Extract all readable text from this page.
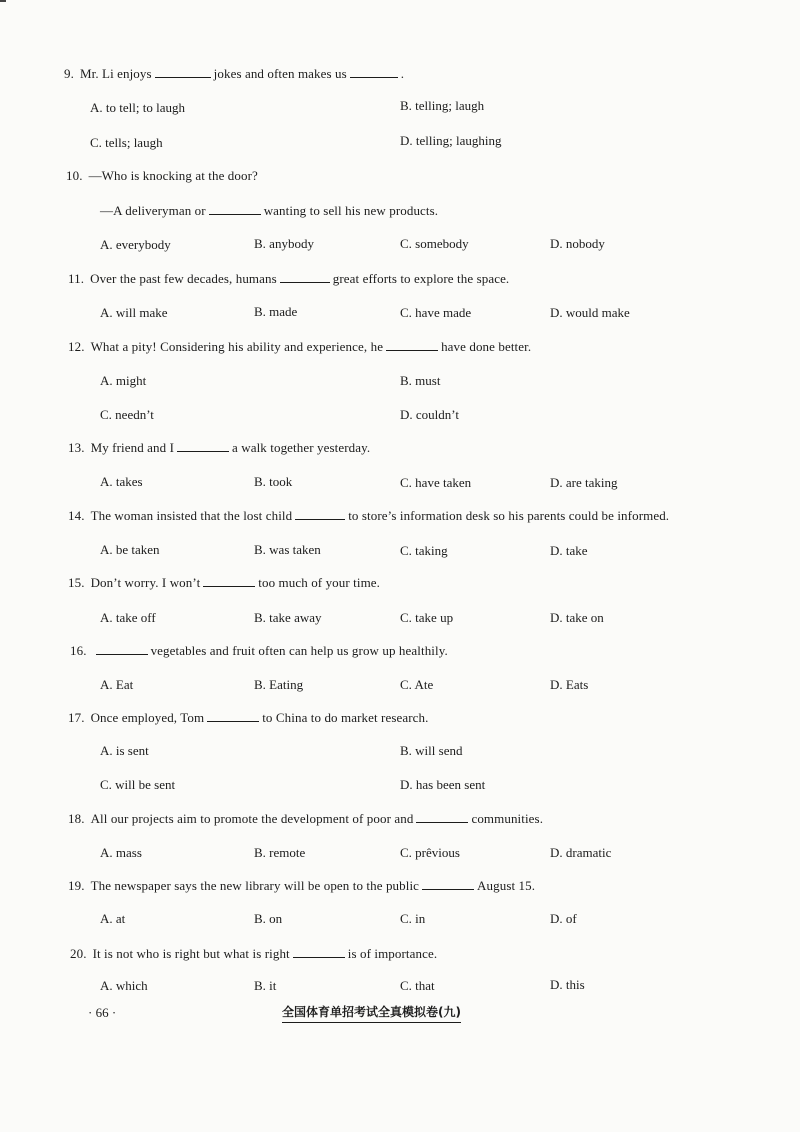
9. Mr. Li enjoys	jokes and often makes us	.
A. to tell; to laugh	B. telling; laugh
C. tells; laugh	D. telling; laughing
10. —Who is knocking at the door?
—A deliveryman or	wanting to sell his new products.
A. everybody	B. anybody	C. somebody	D. nobody
11. Over the past few decades, humans	great efforts to explore the space.
A. will make	B. made	C. have made	D. would make
12. What a pity! Considering his ability and experience, he	have done better.
A. might	B. must
C. needn’t	D. couldn’t
13. My friend and I	a walk together yesterday.
A. takes	B. took	C. have taken	D. are taking
14. The woman insisted that the lost child	to store’s information desk so his parents could be informed.
A. be taken	B. was taken	C. taking	D. take
15. Don’t worry. I won’t	too much of your time.
A. take off	B. take away	C. take up	D. take on
16.	vegetables and fruit often can help us grow up healthily.
A. Eat	B. Eating	C. Ate	D. Eats
17. Once employed, Tom	to China to do market research.
A. is sent	B. will send
C. will be sent	D. has been sent
18. All our projects aim to promote the development of poor and	communities.
A. mass	B. remote	C. prêvious	D. dramatic
19. The newspaper says the new library will be open to the public	August 15.
A. at	B. on	C. in	D. of
20. It is not who is right but what is right	is of importance.
A. which	B. it	C. that	D. this
· 66 ·	全国体育单招考试全真模拟卷(九)
